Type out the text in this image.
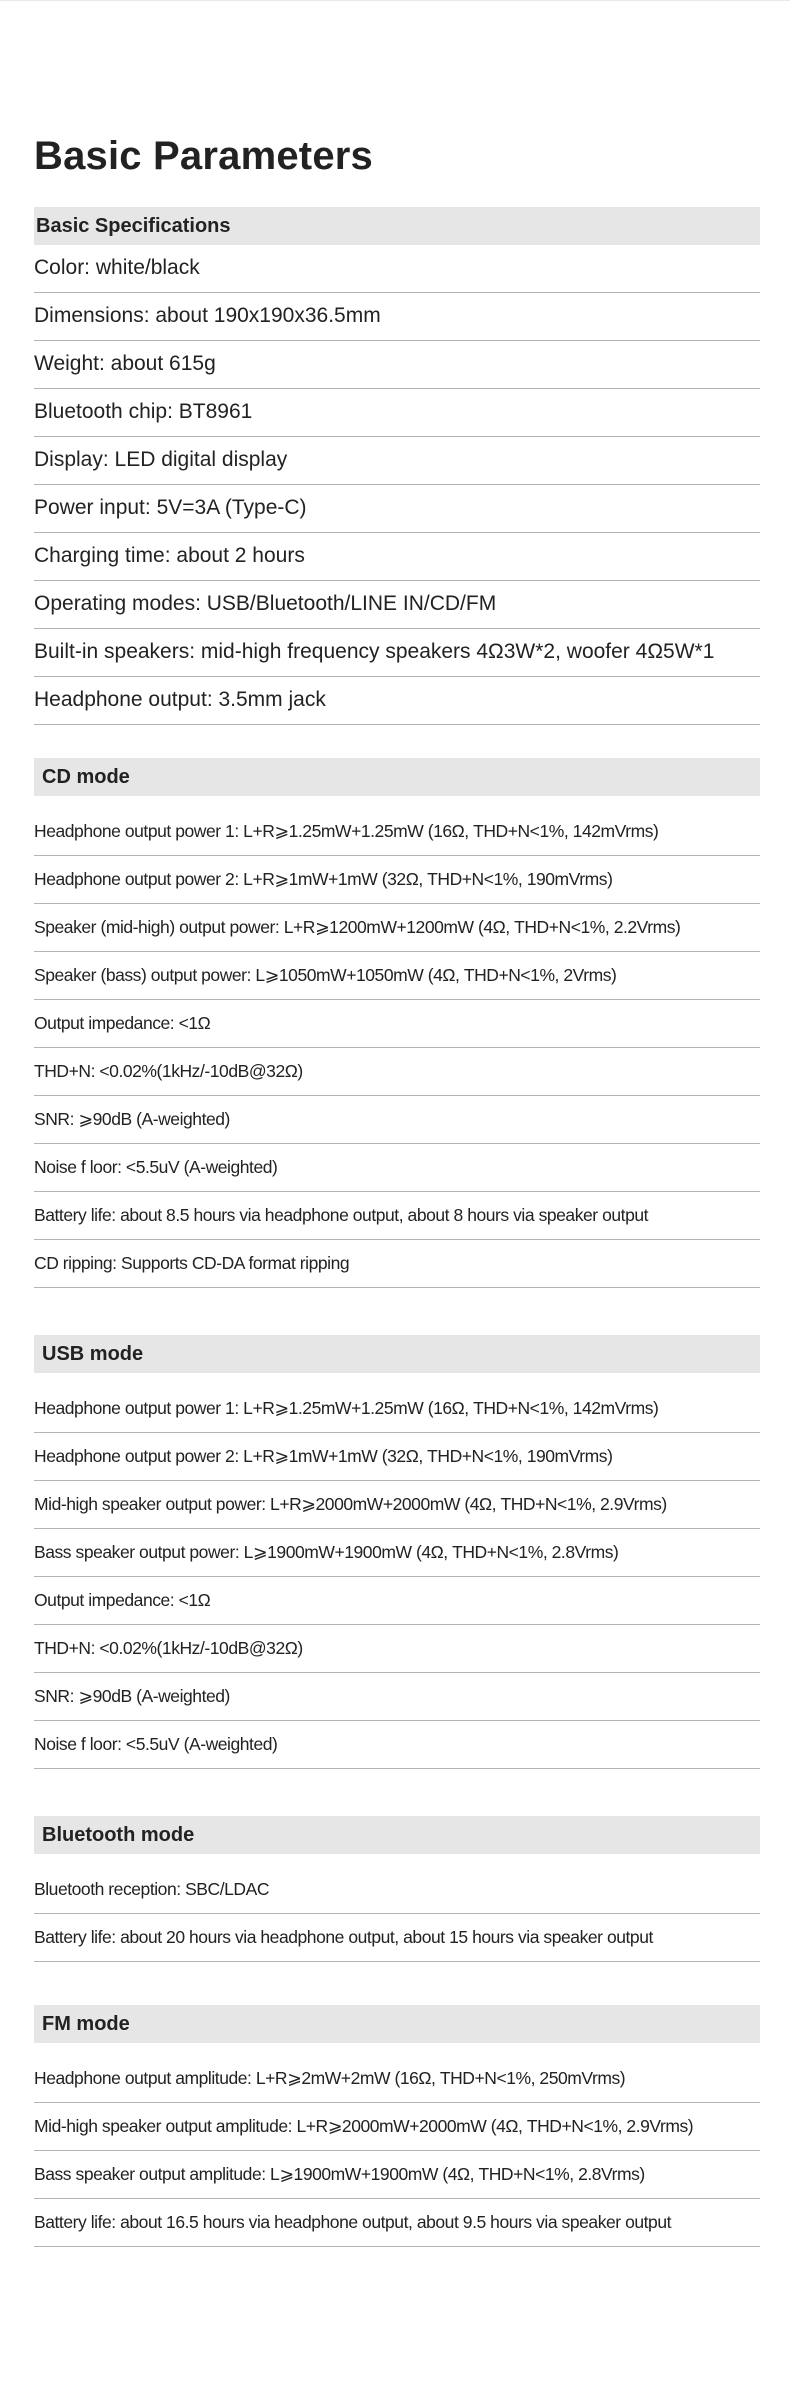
Basic Parameters
Basic Specifications
Color: white/black
Dimensions: about 190x190x36.5mm
Weight: about 615g
Bluetooth chip: BT8961
Display: LED digital display
Power input: 5V=3A (Type-C)
Charging time: about 2 hours
Operating modes: USB/Bluetooth/LINE IN/CD/FM
Built-in speakers: mid-high frequency speakers 4Ω3W*2, woofer 4Ω5W*1
Headphone output: 3.5mm jack
CD mode
Headphone output power 1: L+R⩾1.25mW+1.25mW (16Ω, THD+N<1%, 142mVrms)
Headphone output power 2: L+R⩾1mW+1mW (32Ω, THD+N<1%, 190mVrms)
Speaker (mid-high) output power: L+R⩾1200mW+1200mW (4Ω, THD+N<1%, 2.2Vrms)
Speaker (bass) output power: L⩾1050mW+1050mW (4Ω, THD+N<1%, 2Vrms)
Output impedance: <1Ω
THD+N: <0.02%(1kHz/-10dB@32Ω)
SNR: ⩾90dB (A-weighted)
Noise f loor: <5.5uV (A-weighted)
Battery life: about 8.5 hours via headphone output, about 8 hours via speaker output
CD ripping: Supports CD-DA format ripping
USB mode
Headphone output power 1: L+R⩾1.25mW+1.25mW (16Ω, THD+N<1%, 142mVrms)
Headphone output power 2: L+R⩾1mW+1mW (32Ω, THD+N<1%, 190mVrms)
Mid-high speaker output power: L+R⩾2000mW+2000mW (4Ω, THD+N<1%, 2.9Vrms)
Bass speaker output power: L⩾1900mW+1900mW (4Ω, THD+N<1%, 2.8Vrms)
Output impedance: <1Ω
THD+N: <0.02%(1kHz/-10dB@32Ω)
SNR: ⩾90dB (A-weighted)
Noise f loor: <5.5uV (A-weighted)
Bluetooth mode
Bluetooth reception: SBC/LDAC
Battery life: about 20 hours via headphone output, about 15 hours via speaker output
FM mode
Headphone output amplitude: L+R⩾2mW+2mW (16Ω, THD+N<1%, 250mVrms)
Mid-high speaker output amplitude: L+R⩾2000mW+2000mW (4Ω, THD+N<1%, 2.9Vrms)
Bass speaker output amplitude: L⩾1900mW+1900mW (4Ω, THD+N<1%, 2.8Vrms)
Battery life: about 16.5 hours via headphone output, about 9.5 hours via speaker output
